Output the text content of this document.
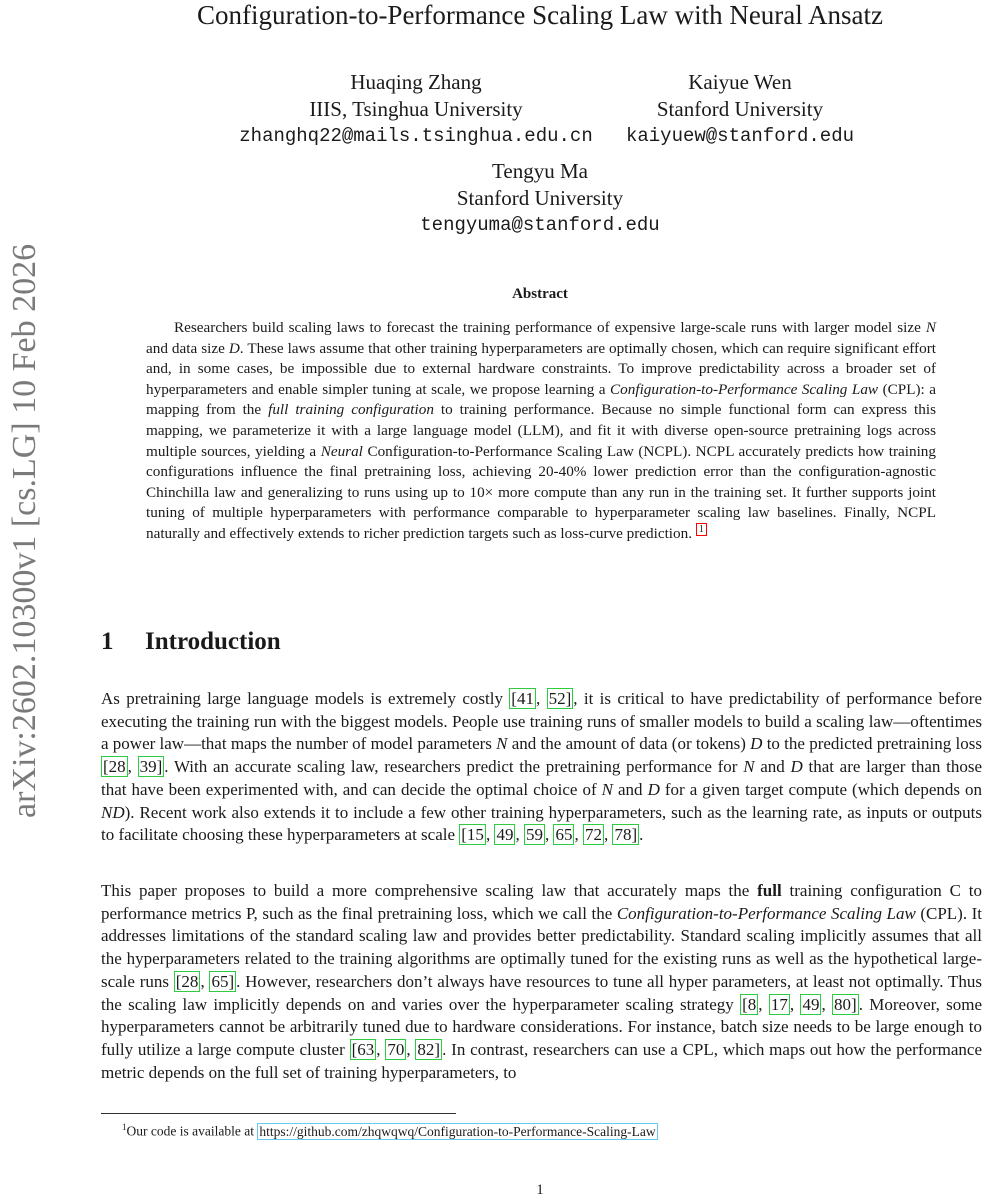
arXiv:2602.10300v1 [cs.LG] 10 Feb 2026
Configuration-to-Performance Scaling Law with Neural Ansatz
Huaqing Zhang
IIIS, Tsinghua University
zhanghq22@mails.tsinghua.edu.cn
Kaiyue Wen
Stanford University
kaiyuew@stanford.edu
Tengyu Ma
Stanford University
tengyuma@stanford.edu
Abstract
Researchers build scaling laws to forecast the training performance of expensive large-scale runs with larger model size N and data size D. These laws assume that other training hyperparameters are optimally chosen, which can require significant effort and, in some cases, be impossible due to external hardware constraints. To improve predictability across a broader set of hyperparameters and enable simpler tuning at scale, we propose learning a Configuration-to-Performance Scaling Law (CPL): a mapping from the full training configuration to training performance. Because no simple functional form can express this mapping, we parameterize it with a large language model (LLM), and fit it with diverse open-source pretraining logs across multiple sources, yielding a Neural Configuration-to-Performance Scaling Law (NCPL). NCPL accurately predicts how training configurations influence the final pretraining loss, achieving 20-40% lower prediction error than the configuration-agnostic Chinchilla law and generalizing to runs using up to 10× more compute than any run in the training set. It further supports joint tuning of multiple hyperparameters with performance comparable to hyperparameter scaling law baselines. Finally, NCPL naturally and effectively extends to richer prediction targets such as loss-curve prediction. $^1$
1 Introduction
As pretraining large language models is extremely costly [41 , 52] , it is critical to have predictability of performance before executing the training run with the biggest models. People use training runs of smaller models to build a scaling law—oftentimes a power law—that maps the number of model parameters N and the amount of data (or tokens) D to the predicted pretraining loss [28 , 39] . With an accurate scaling law, researchers predict the pretraining performance for N and D that are larger than those that have been experimented with, and can decide the optimal choice of N and D for a given target compute (which depends on ND). Recent work also extends it to include a few other training hyperparameters, such as the learning rate, as inputs or outputs to facilitate choosing these hyperparameters at scale [15 , 49 , 59 , 65 , 72 , 78] .
This paper proposes to build a more comprehensive scaling law that accurately maps the full training configuration C to performance metrics P, such as the final pretraining loss, which we call the Configuration-to-Performance Scaling Law (CPL). It addresses limitations of the standard scaling law and provides better predictability. Standard scaling implicitly assumes that all the hyperparameters related to the training algorithms are optimally tuned for the existing runs as well as the hypothetical large-scale runs [28 , 65] . However, researchers don’t always have resources to tune all hyper parameters, at least not optimally. Thus the scaling law implicitly depends on and varies over the hyperparameter scaling strategy [8 , 17 , 49 , 80] . Moreover, some hyperparameters cannot be arbitrarily tuned due to hardware considerations. For instance, batch size needs to be large enough to fully utilize a large compute cluster [63 , 70 , 82] . In contrast, researchers can use a CPL, which maps out how the performance metric depends on the full set of training hyperparameters, to
$^1$Our code is available at https://github.com/zhqwqwq/Configuration-to-Performance-Scaling-Law
1
